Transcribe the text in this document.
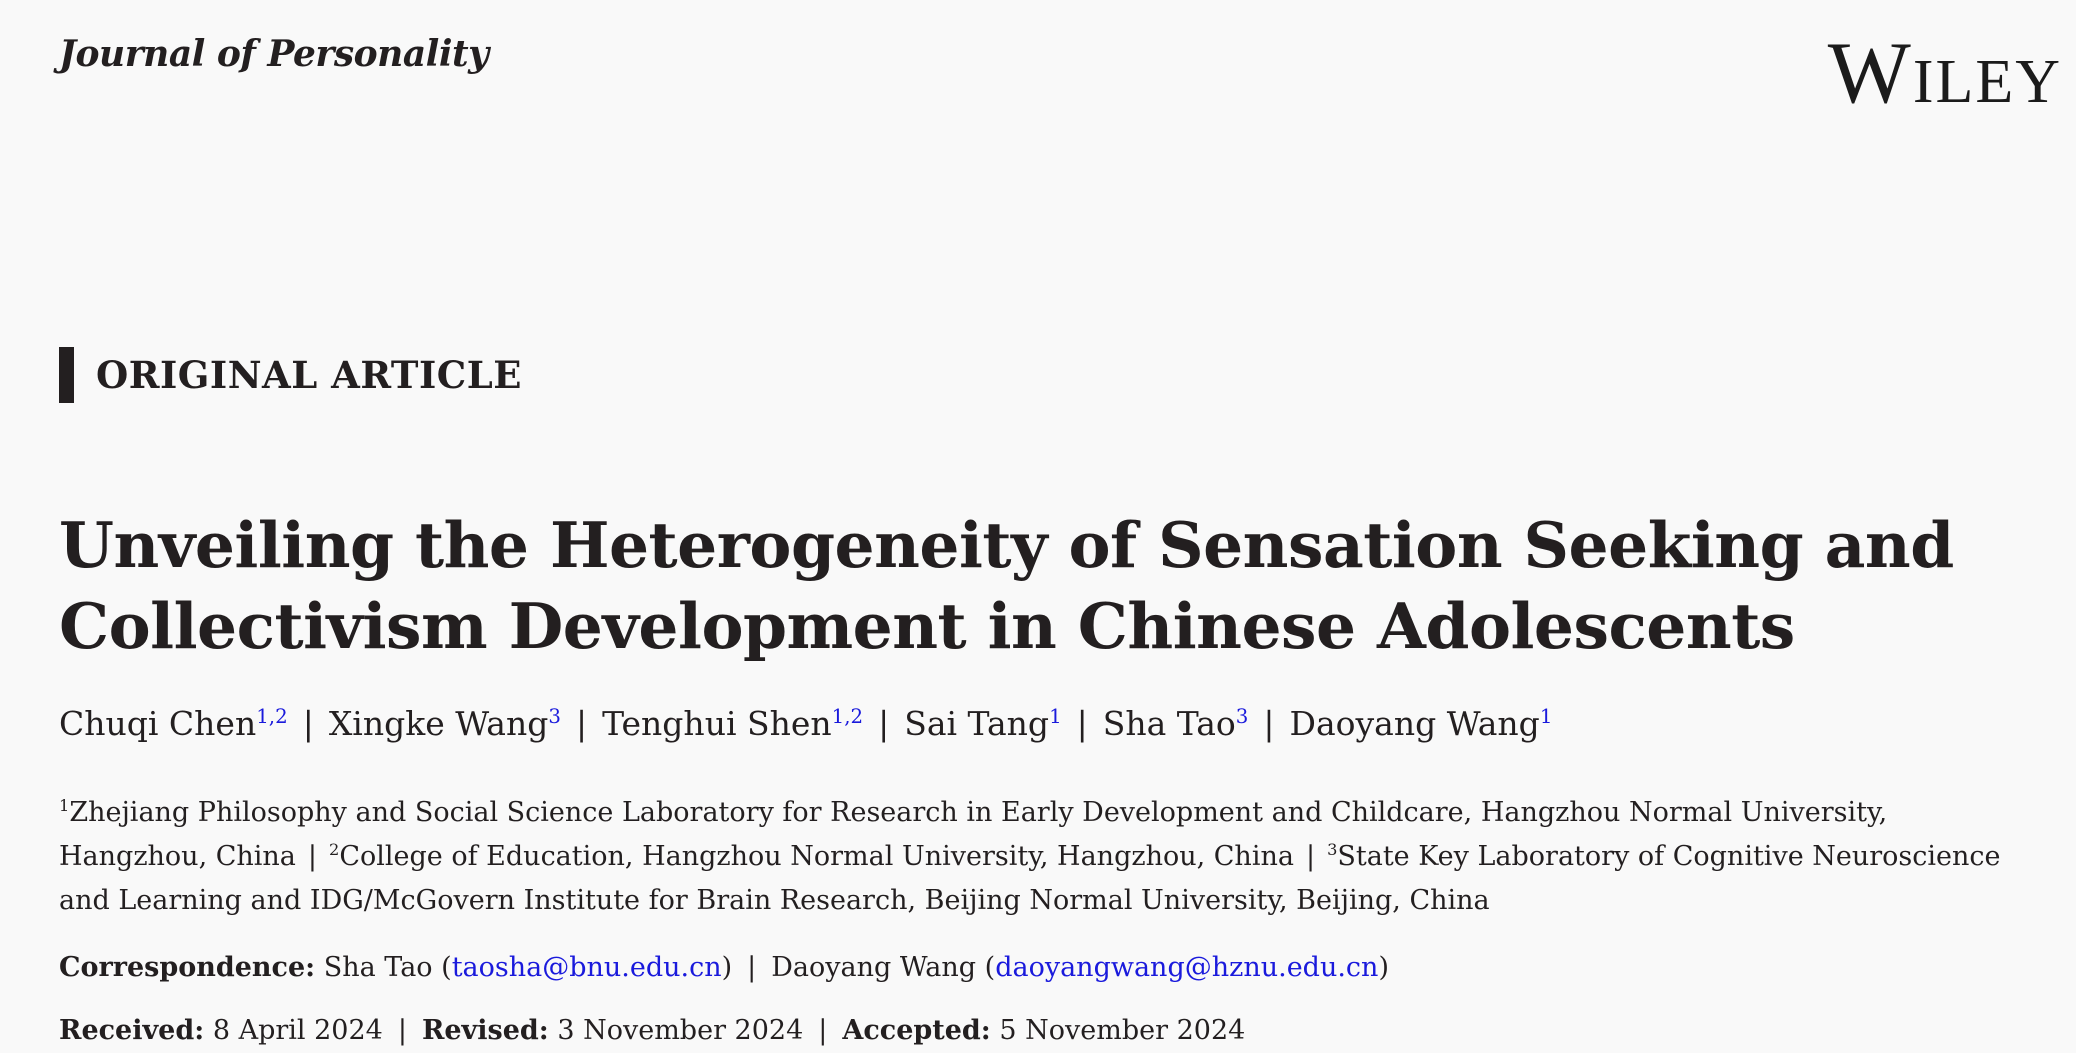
Journal of Personality	Wiley
ORIGINAL ARTICLE
Unveiling the Heterogeneity of Sensation Seeking and Collectivism Development in Chinese Adolescents
Chuqi Chen$^{1,2}$ | Xingke Wang$^3$ | Tenghui Shen$^{1,2}$ | Sai Tang$^1$ | Sha Tao$^3$ | Daoyang Wang$^1$
$^1$Zhejiang Philosophy and Social Science Laboratory for Research in Early Development and Childcare, Hangzhou Normal University, Hangzhou, China | $^2$College of Education, Hangzhou Normal University, Hangzhou, China | $^3$State Key Laboratory of Cognitive Neuroscience and Learning and IDG/McGovern Institute for Brain Research, Beijing Normal University, Beijing, China
Correspondence: Sha Tao (taosha@bnu.edu.cn) | Daoyang Wang (daoyangwang@hznu.edu.cn)
Received: 8 April 2024 | Revised: 3 November 2024 | Accepted: 5 November 2024
